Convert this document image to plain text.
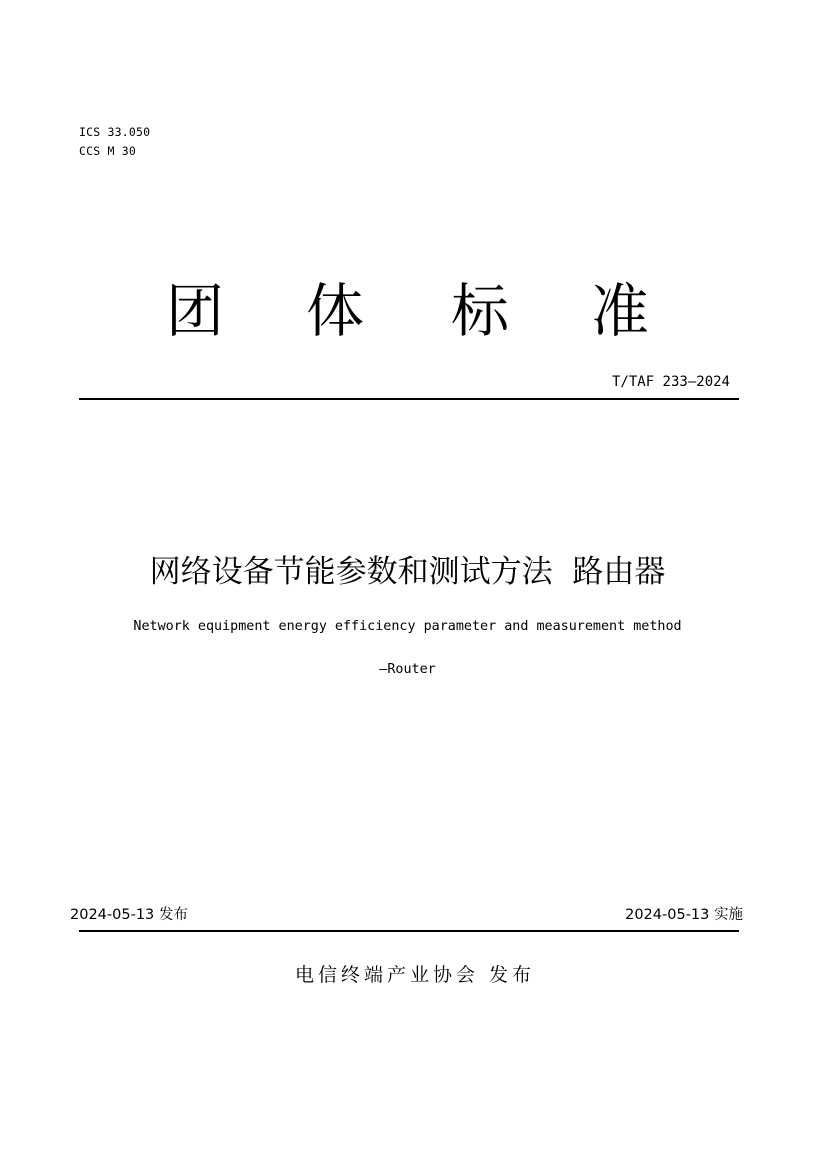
ICS 33.050
CCS M 30
团 体 标 准
T/TAF 233—2024
网络设备节能参数和测试方法  路由器
Network equipment energy efficiency parameter and measurement method
—Router
2024-05-13 发布	2024-05-13 实施
电信终端产业协会 发布
